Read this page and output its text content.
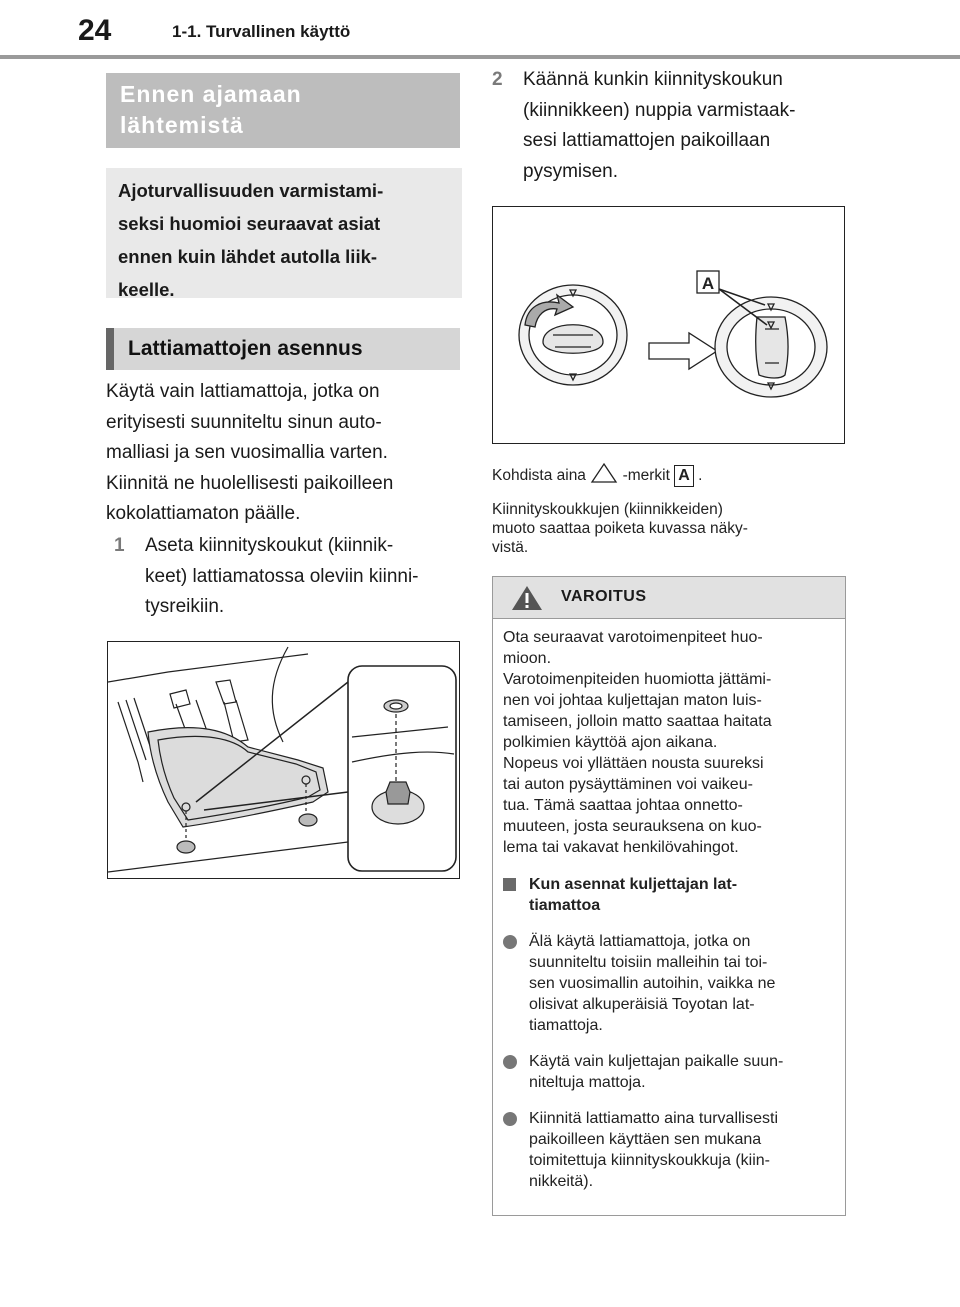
24	1-1. Turvallinen käyttö
Ennen ajamaan
lähtemistä
Ajoturvallisuuden varmistami-
seksi huomioi seuraavat asiat
ennen kuin lähdet autolla liik-
keelle.
Lattiamattojen asennus
Käytä vain lattiamattoja, jotka on
erityisesti suunniteltu sinun auto-
malliasi ja sen vuosimallia varten.
Kiinnitä ne huolellisesti paikoilleen
kokolattiamaton päälle.
1 Aseta kiinnityskoukut (kiinnik-
keet) lattiamatossa oleviin kiinni-
tysreikiin.
2 Käännä kunkin kiinnityskoukun
(kiinnikkeen) nuppia varmistaak-
sesi lattiamattojen paikoillaan
pysymisen.
A
Kohdista aina -merkit A .
Kiinnityskoukkujen (kiinnikkeiden)
muoto saattaa poiketa kuvassa näky-
vistä.
VAROITUS

Ota seuraavat varotoimenpiteet huo-

mioon.

Varotoimenpiteiden huomiotta jättämi-

nen voi johtaa kuljettajan maton luis-

tamiseen, jolloin matto saattaa haitata

polkimien käyttöä ajon aikana.

Nopeus voi yllättäen nousta suureksi

tai auton pysäyttäminen voi vaikeu-

tua. Tämä saattaa johtaa onnetto-

muuteen, josta seurauksena on kuo-

lema tai vakavat henkilövahingot.

Kun asennat kuljettajan lat-
tiamattoa
Älä käytä lattiamattoja, jotka on
suunniteltu toisiin malleihin tai toi-
sen vuosimallin autoihin, vaikka ne
olisivat alkuperäisiä Toyotan lat-
tiamattoja.
Käytä vain kuljettajan paikalle suun-
niteltuja mattoja.
Kiinnitä lattiamatto aina turvallisesti
paikoilleen käyttäen sen mukana
toimitettuja kiinnityskoukkuja (kiin-
nikkeitä).
